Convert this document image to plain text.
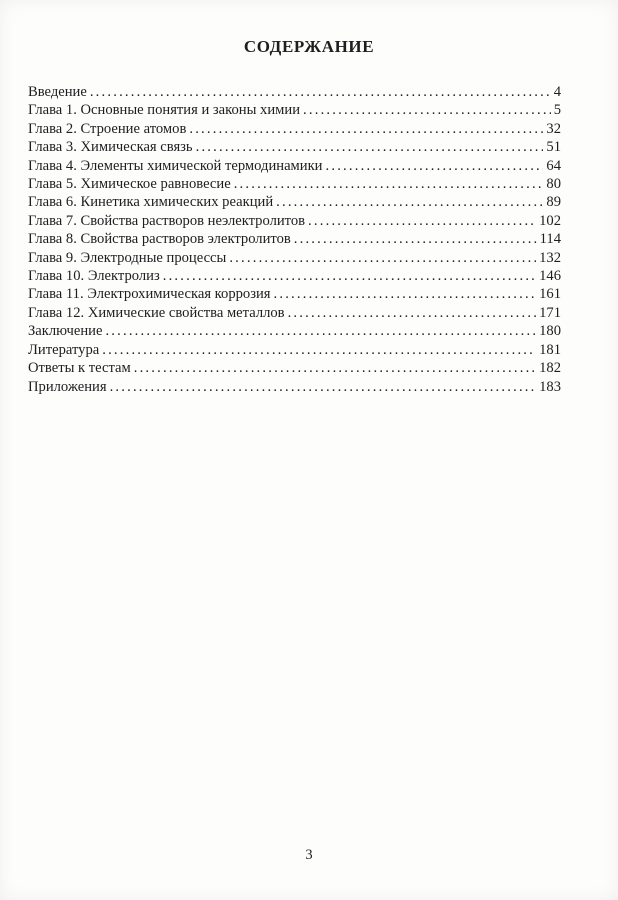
СОДЕРЖАНИЕ
Введение .....	4
Глава 1. Основные понятия и законы химии .....	5
Глава 2. Строение атомов .....	32
Глава 3. Химическая связь .....	51
Глава 4. Элементы химической термодинамики .....	64
Глава 5. Химическое равновесие .....	80
Глава 6. Кинетика химических реакций .....	89
Глава 7. Свойства растворов неэлектролитов .....	102
Глава 8. Свойства растворов электролитов .....	114
Глава 9. Электродные процессы .....	132
Глава 10. Электролиз .....	146
Глава 11. Электрохимическая коррозия .....	161
Глава 12. Химические свойства металлов .....	171
Заключение .....	180
Литература .....	181
Ответы к тестам .....	182
Приложения .....	183
3
